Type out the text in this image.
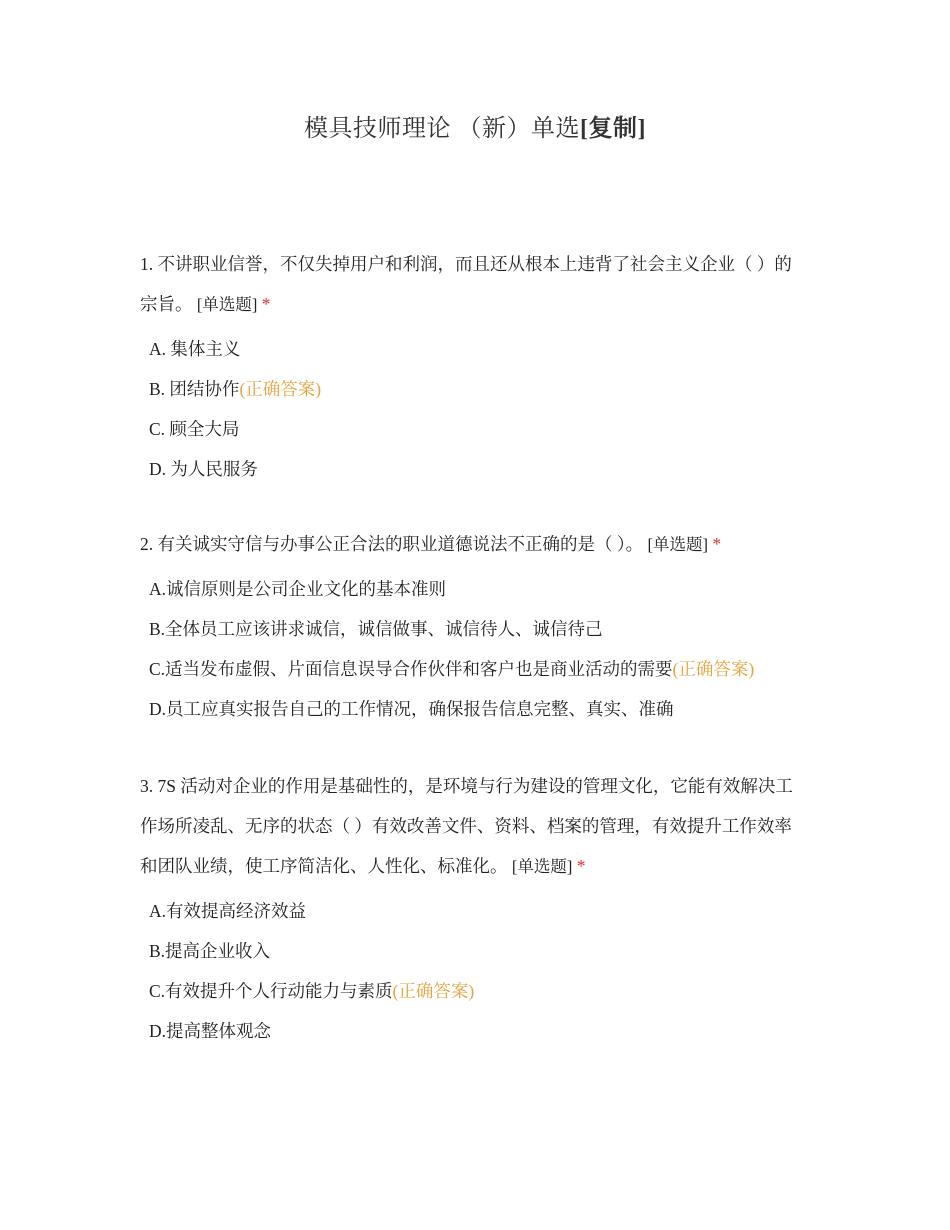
模具技师理论 （新）单选[复制]

1. 不讲职业信誉，不仅失掉用户和利润，而且还从根本上违背了社会主义企业（ ）的宗旨。 [单选题] *

A. 集体主义
B. 团结协作(正确答案)
C. 顾全大局
D. 为人民服务

2. 有关诚实守信与办事公正合法的职业道德说法不正确的是（ ）。 [单选题] *

A.诚信原则是公司企业文化的基本准则
B.全体员工应该讲求诚信，诚信做事、诚信待人、诚信待己
C.适当发布虚假、片面信息误导合作伙伴和客户也是商业活动的需要(正确答案)
D.员工应真实报告自己的工作情况，确保报告信息完整、真实、准确

3. 7S 活动对企业的作用是基础性的，是环境与行为建设的管理文化，它能有效解决工作场所凌乱、无序的状态（ ）有效改善文件、资料、档案的管理，有效提升工作效率和团队业绩，使工序简洁化、人性化、标准化。 [单选题] *

A.有效提高经济效益
B.提高企业收入
C.有效提升个人行动能力与素质(正确答案)
D.提高整体观念
